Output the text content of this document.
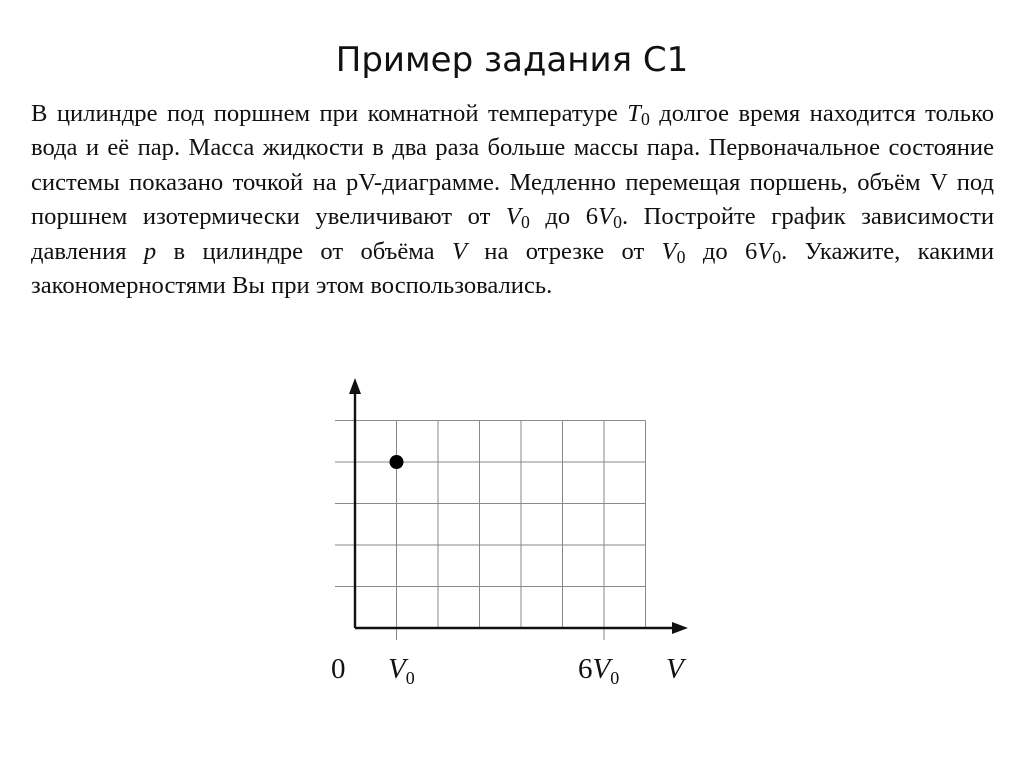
Пример задания С1

В цилиндре под поршнем при комнатной температуре $T_0$ долгое время находится только вода и её пар. Масса жидкости в два раза больше массы пара. Первоначальное состояние системы показано точкой на pV-диаграмме. Медленно перемещая поршень, объём V под поршнем изотермически увеличивают от $V_0$ до $6V_0$. Постройте график зависимости давления p в цилиндре от объёма V на отрезке от $V_0$ до $6V_0$. Укажите, какими закономерностями Вы при этом воспользовались.

0 $V_0$	$6V_0$ V
